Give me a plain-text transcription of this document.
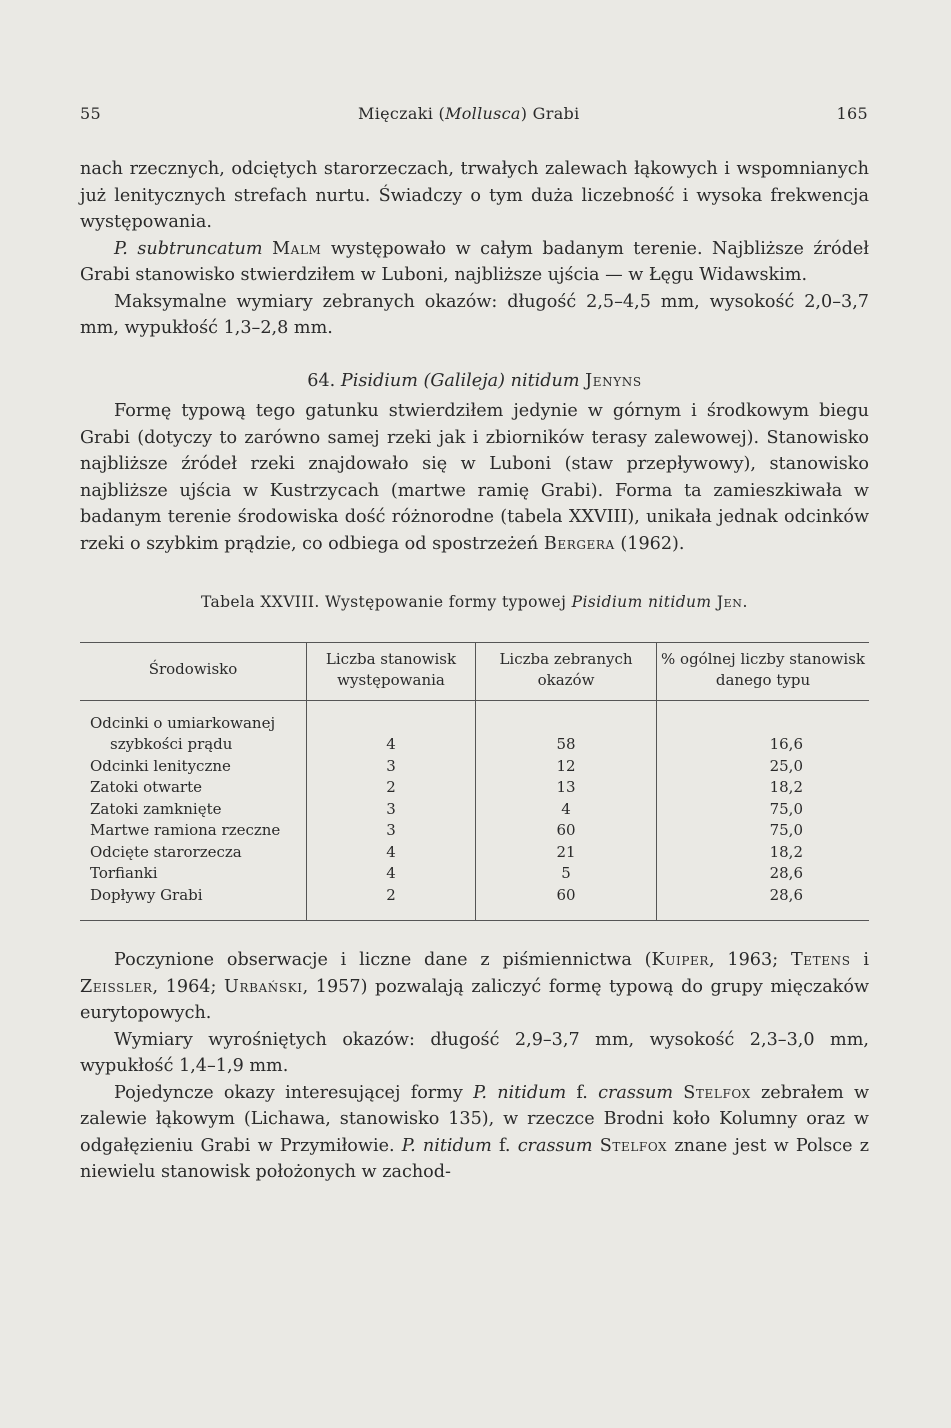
55	Mięczaki (Mollusca) Grabi	165

nach rzecznych, odciętych starorzeczach, trwałych zalewach łąkowych i wspomnianych już lenitycznych strefach nurtu. Świadczy o tym duża liczebność i wysoka frekwencja występowania.

P. subtruncatum Malm występowało w całym badanym terenie. Najbliższe źródeł Grabi stanowisko stwierdziłem w Luboni, najbliższe ujścia — w Łęgu Widawskim.

Maksymalne wymiary zebranych okazów: długość 2,5–4,5 mm, wysokość 2,0–3,7 mm, wypukłość 1,3–2,8 mm.

64. Pisidium (Galileja) nitidum Jenyns

Formę typową tego gatunku stwierdziłem jedynie w górnym i środkowym biegu Grabi (dotyczy to zarówno samej rzeki jak i zbiorników terasy zalewowej). Stanowisko najbliższe źródeł rzeki znajdowało się w Luboni (staw przepływowy), stanowisko najbliższe ujścia w Kustrzycach (martwe ramię Grabi). Forma ta zamieszkiwała w badanym terenie środowiska dość różnorodne (tabela XXVIII), unikała jednak odcinków rzeki o szybkim prądzie, co odbiega od spostrzeżeń Bergera (1962).

Tabela XXVIII. Występowanie formy typowej Pisidium nitidum Jen.

Środowisko	Liczba stanowisk występowania	Liczba zebranych okazów	% ogólnej liczby stanowisk danego typu
Odcinki o umiarkowanej szybkości prądu	4	58	16,6
Odcinki lenityczne	3	12	25,0
Zatoki otwarte	2	13	18,2
Zatoki zamknięte	3	4	75,0
Martwe ramiona rzeczne	3	60	75,0
Odcięte starorzecza	4	21	18,2
Torfianki	4	5	28,6
Dopływy Grabi	2	60	28,6

Poczynione obserwacje i liczne dane z piśmiennictwa (Kuiper, 1963; Tetens i Zeissler, 1964; Urbański, 1957) pozwalają zaliczyć formę typową do grupy mięczaków eurytopowych.

Wymiary wyrośniętych okazów: długość 2,9–3,7 mm, wysokość 2,3–3,0 mm, wypukłość 1,4–1,9 mm.

Pojedyncze okazy interesującej formy P. nitidum f. crassum Stelfox zebrałem w zalewie łąkowym (Lichawa, stanowisko 135), w rzeczce Brodni koło Kolumny oraz w odgałęzieniu Grabi w Przymiłowie. P. nitidum f. crassum Stelfox znane jest w Polsce z niewielu stanowisk położonych w zachod-
